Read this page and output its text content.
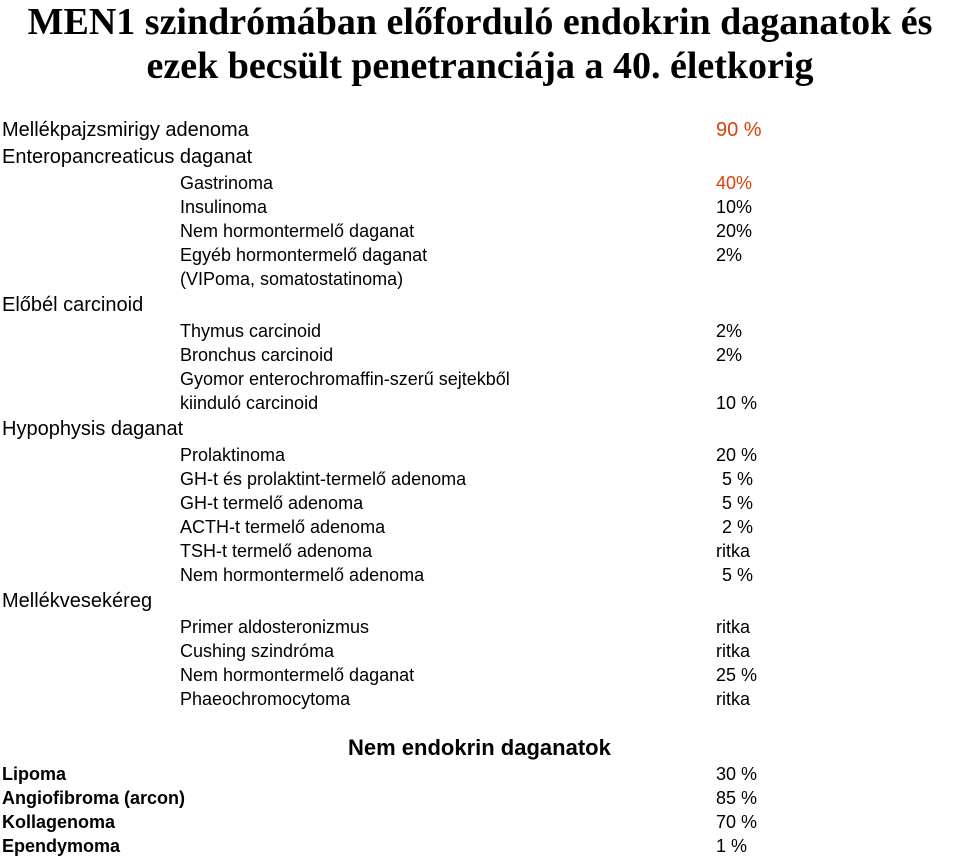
MEN1 szindrómában előforduló endokrin daganatok és
ezek becsült penetranciája a 40. életkorig
Mellékpajzsmirigy adenoma	90 %
Enteropancreaticus daganat
Gastrinoma	40%
Insulinoma	10%
Nem hormontermelő daganat	20%
Egyéb hormontermelő daganat	2%
(VIPoma, somatostatinoma)
Előbél carcinoid
Thymus carcinoid	2%
Bronchus carcinoid	2%
Gyomor enterochromaffin-szerű sejtekből
kiinduló carcinoid	10 %
Hypophysis daganat
Prolaktinoma	20 %
GH-t és prolaktint-termelő adenoma	5 %
GH-t termelő adenoma	5 %
ACTH-t termelő adenoma	2 %
TSH-t termelő adenoma	ritka
Nem hormontermelő adenoma	5 %
Mellékvesekéreg
Primer aldosteronizmus	ritka
Cushing szindróma	ritka
Nem hormontermelő daganat	25 %
Phaeochromocytoma	ritka
Nem endokrin daganatok
Lipoma	30 %
Angiofibroma (arcon)	85 %
Kollagenoma	70 %
Ependymoma	1 %
